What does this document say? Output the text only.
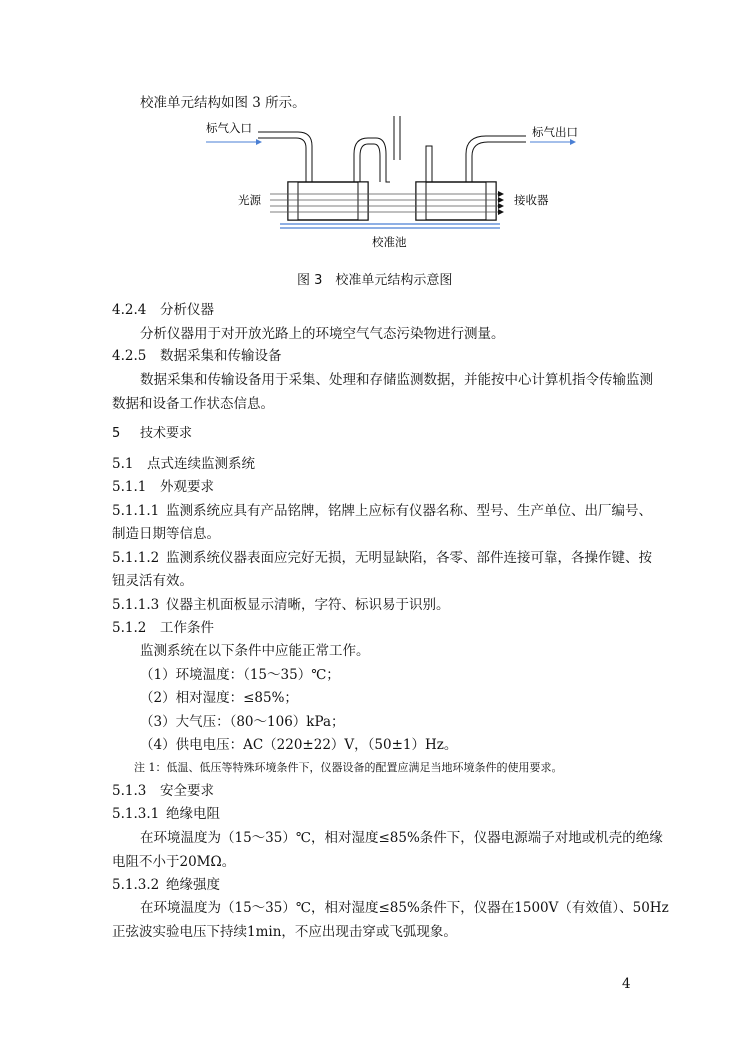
校准单元结构如图 3 所示。
标气入口	标气出口
光源	接收器
校准池
图 3　校准单元结构示意图
4.2.4 分析仪器
分析仪器用于对开放光路上的环境空气气态污染物进行测量。
4.2.5 数据采集和传输设备
数据采集和传输设备用于采集、处理和存储监测数据，并能按中心计算机指令传输监测
数据和设备工作状态信息。
5 技术要求
5.1 点式连续监测系统
5.1.1 外观要求
5.1.1.1 监测系统应具有产品铭牌，铭牌上应标有仪器名称、型号、生产单位、出厂编号、
制造日期等信息。
5.1.1.2 监测系统仪器表面应完好无损，无明显缺陷，各零、部件连接可靠，各操作键、按
钮灵活有效。
5.1.1.3 仪器主机面板显示清晰，字符、标识易于识别。
5.1.2 工作条件
监测系统在以下条件中应能正常工作。
（1）环境温度：（15～35）℃；
（2）相对湿度：≤85%；
（3）大气压：（80～106）kPa；
（4）供电电压：AC（220±22）V，（50±1）Hz。
注 1：低温、低压等特殊环境条件下，仪器设备的配置应满足当地环境条件的使用要求。
5.1.3 安全要求
5.1.3.1 绝缘电阻
在环境温度为（15～35）℃，相对湿度≤85%条件下，仪器电源端子对地或机壳的绝缘
电阻不小于20MΩ。
5.1.3.2 绝缘强度
在环境温度为（15～35）℃，相对湿度≤85%条件下，仪器在1500V（有效值）、50Hz
正弦波实验电压下持续1min，不应出现击穿或飞弧现象。
4
